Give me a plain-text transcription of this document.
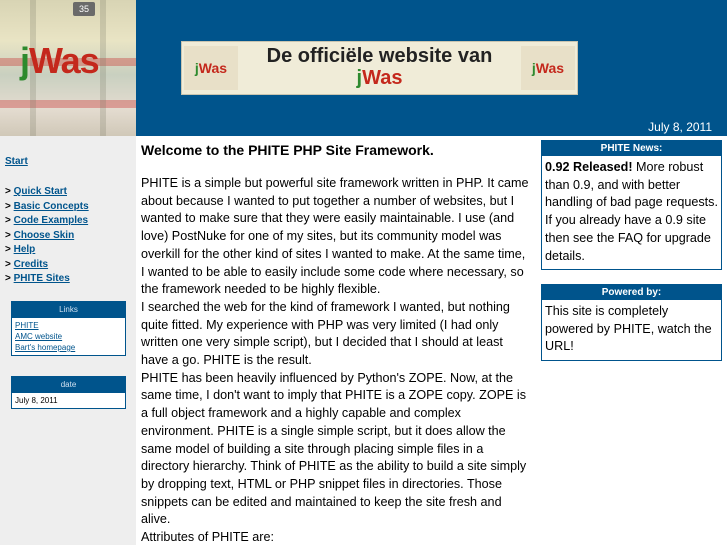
35
jWas	jWas	jWas
De officiële website van
jWas
July 8, 2011
Start
> Quick Start
> Basic Concepts
> Code Examples
> Choose Skin
> Help
> Credits
> PHITE Sites
Links
PHITE
AMC website
Bart's homepage
date
July 8, 2011
Welcome to the PHITE PHP Site Framework.

PHITE is a simple but powerful site framework written in PHP. It came about because I wanted to put together a number of websites, but I wanted to make sure that they were easily maintainable. I use (and love) PostNuke for one of my sites, but its community model was overkill for the other kind of sites I wanted to make. At the same time, I wanted to be able to easily include some code where necessary, so the framework needed to be highly flexible.

I searched the web for the kind of framework I wanted, but nothing quite fitted. My experience with PHP was very limited (I had only written one very simple script), but I decided that I should at least have a go. PHITE is the result.

PHITE has been heavily influenced by Python's ZOPE. Now, at the same time, I don't want to imply that PHITE is a ZOPE copy. ZOPE is a full object framework and a highly capable and complex environment. PHITE is a single simple script, but it does allow the same model of building a site through placing simple files in a directory hierarchy. Think of PHITE as the ability to build a site simply by dropping text, HTML or PHP snippet files in directories. Those snippets can be edited and maintained to keep the site fresh and alive.

Attributes of PHITE are:

PHITE News:
0.92 Released! More robust than 0.9, and with better handling of bad page requests. If you already have a 0.9 site then see the FAQ for upgrade details.
Powered by:
This site is completely powered by PHITE, watch the URL!
